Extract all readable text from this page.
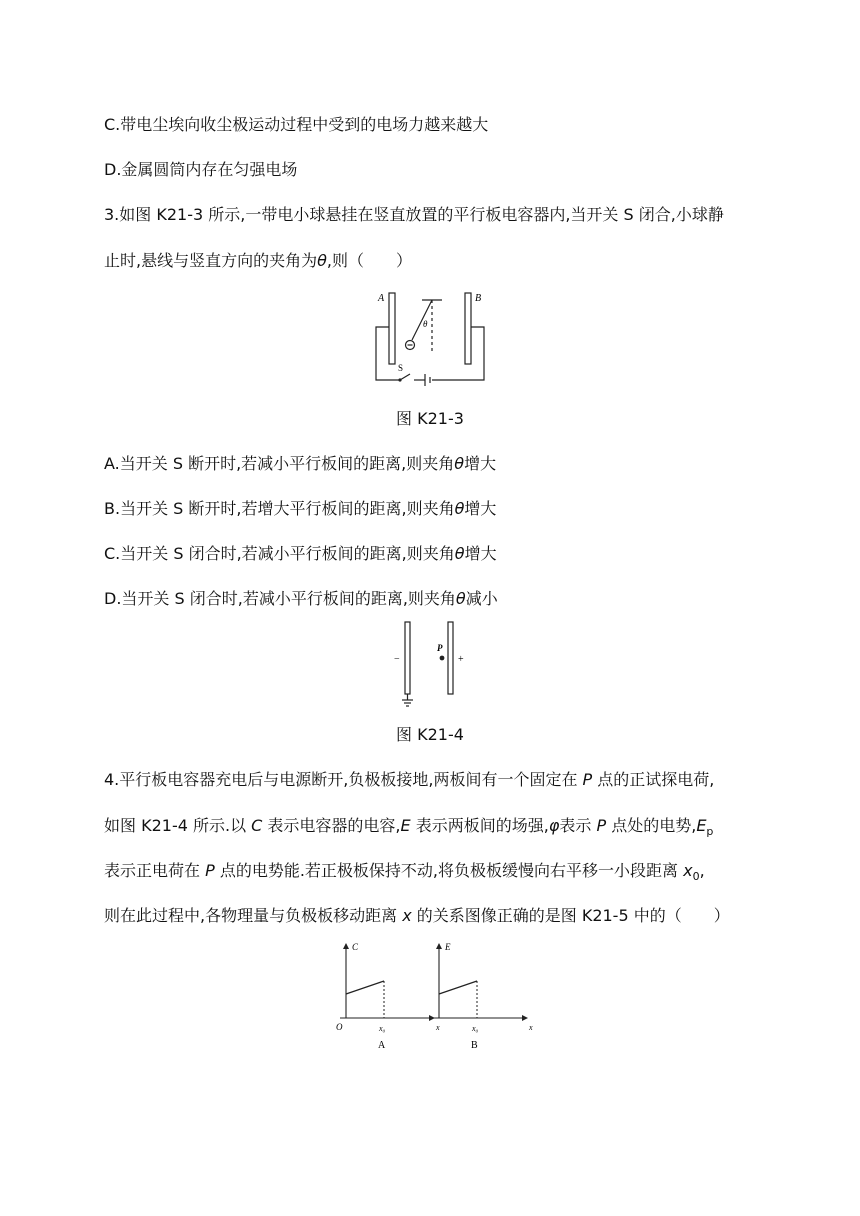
C.带电尘埃向收尘极运动过程中受到的电场力越来越大
D.金属圆筒内存在匀强电场
3.如图 K21-3 所示,一带电小球悬挂在竖直放置的平行板电容器内,当开关 S 闭合,小球静
止时,悬线与竖直方向的夹角为θ,则（　　）
A	B
θ
S
图 K21-3
A.当开关 S 断开时,若减小平行板间的距离,则夹角θ增大
B.当开关 S 断开时,若增大平行板间的距离,则夹角θ增大
C.当开关 S 闭合时,若减小平行板间的距离,则夹角θ增大
D.当开关 S 闭合时,若减小平行板间的距离,则夹角θ减小
−	+
P
图 K21-4
4.平行板电容器充电后与电源断开,负极板接地,两板间有一个固定在 P 点的正试探电荷,
如图 K21-4 所示.以 C 表示电容器的电容,E 表示两板间的场强,φ表示 P 点处的电势$,E_p$
表示正电荷在 P 点的电势能.若正极板保持不动,将负极板缓慢向右平移一小段距离 $x_0$,
则在此过程中,各物理量与负极板移动距离 x 的关系图像正确的是图 K21-5 中的（　　）
C
x
x₀
O
A
E
x
x₀
B
